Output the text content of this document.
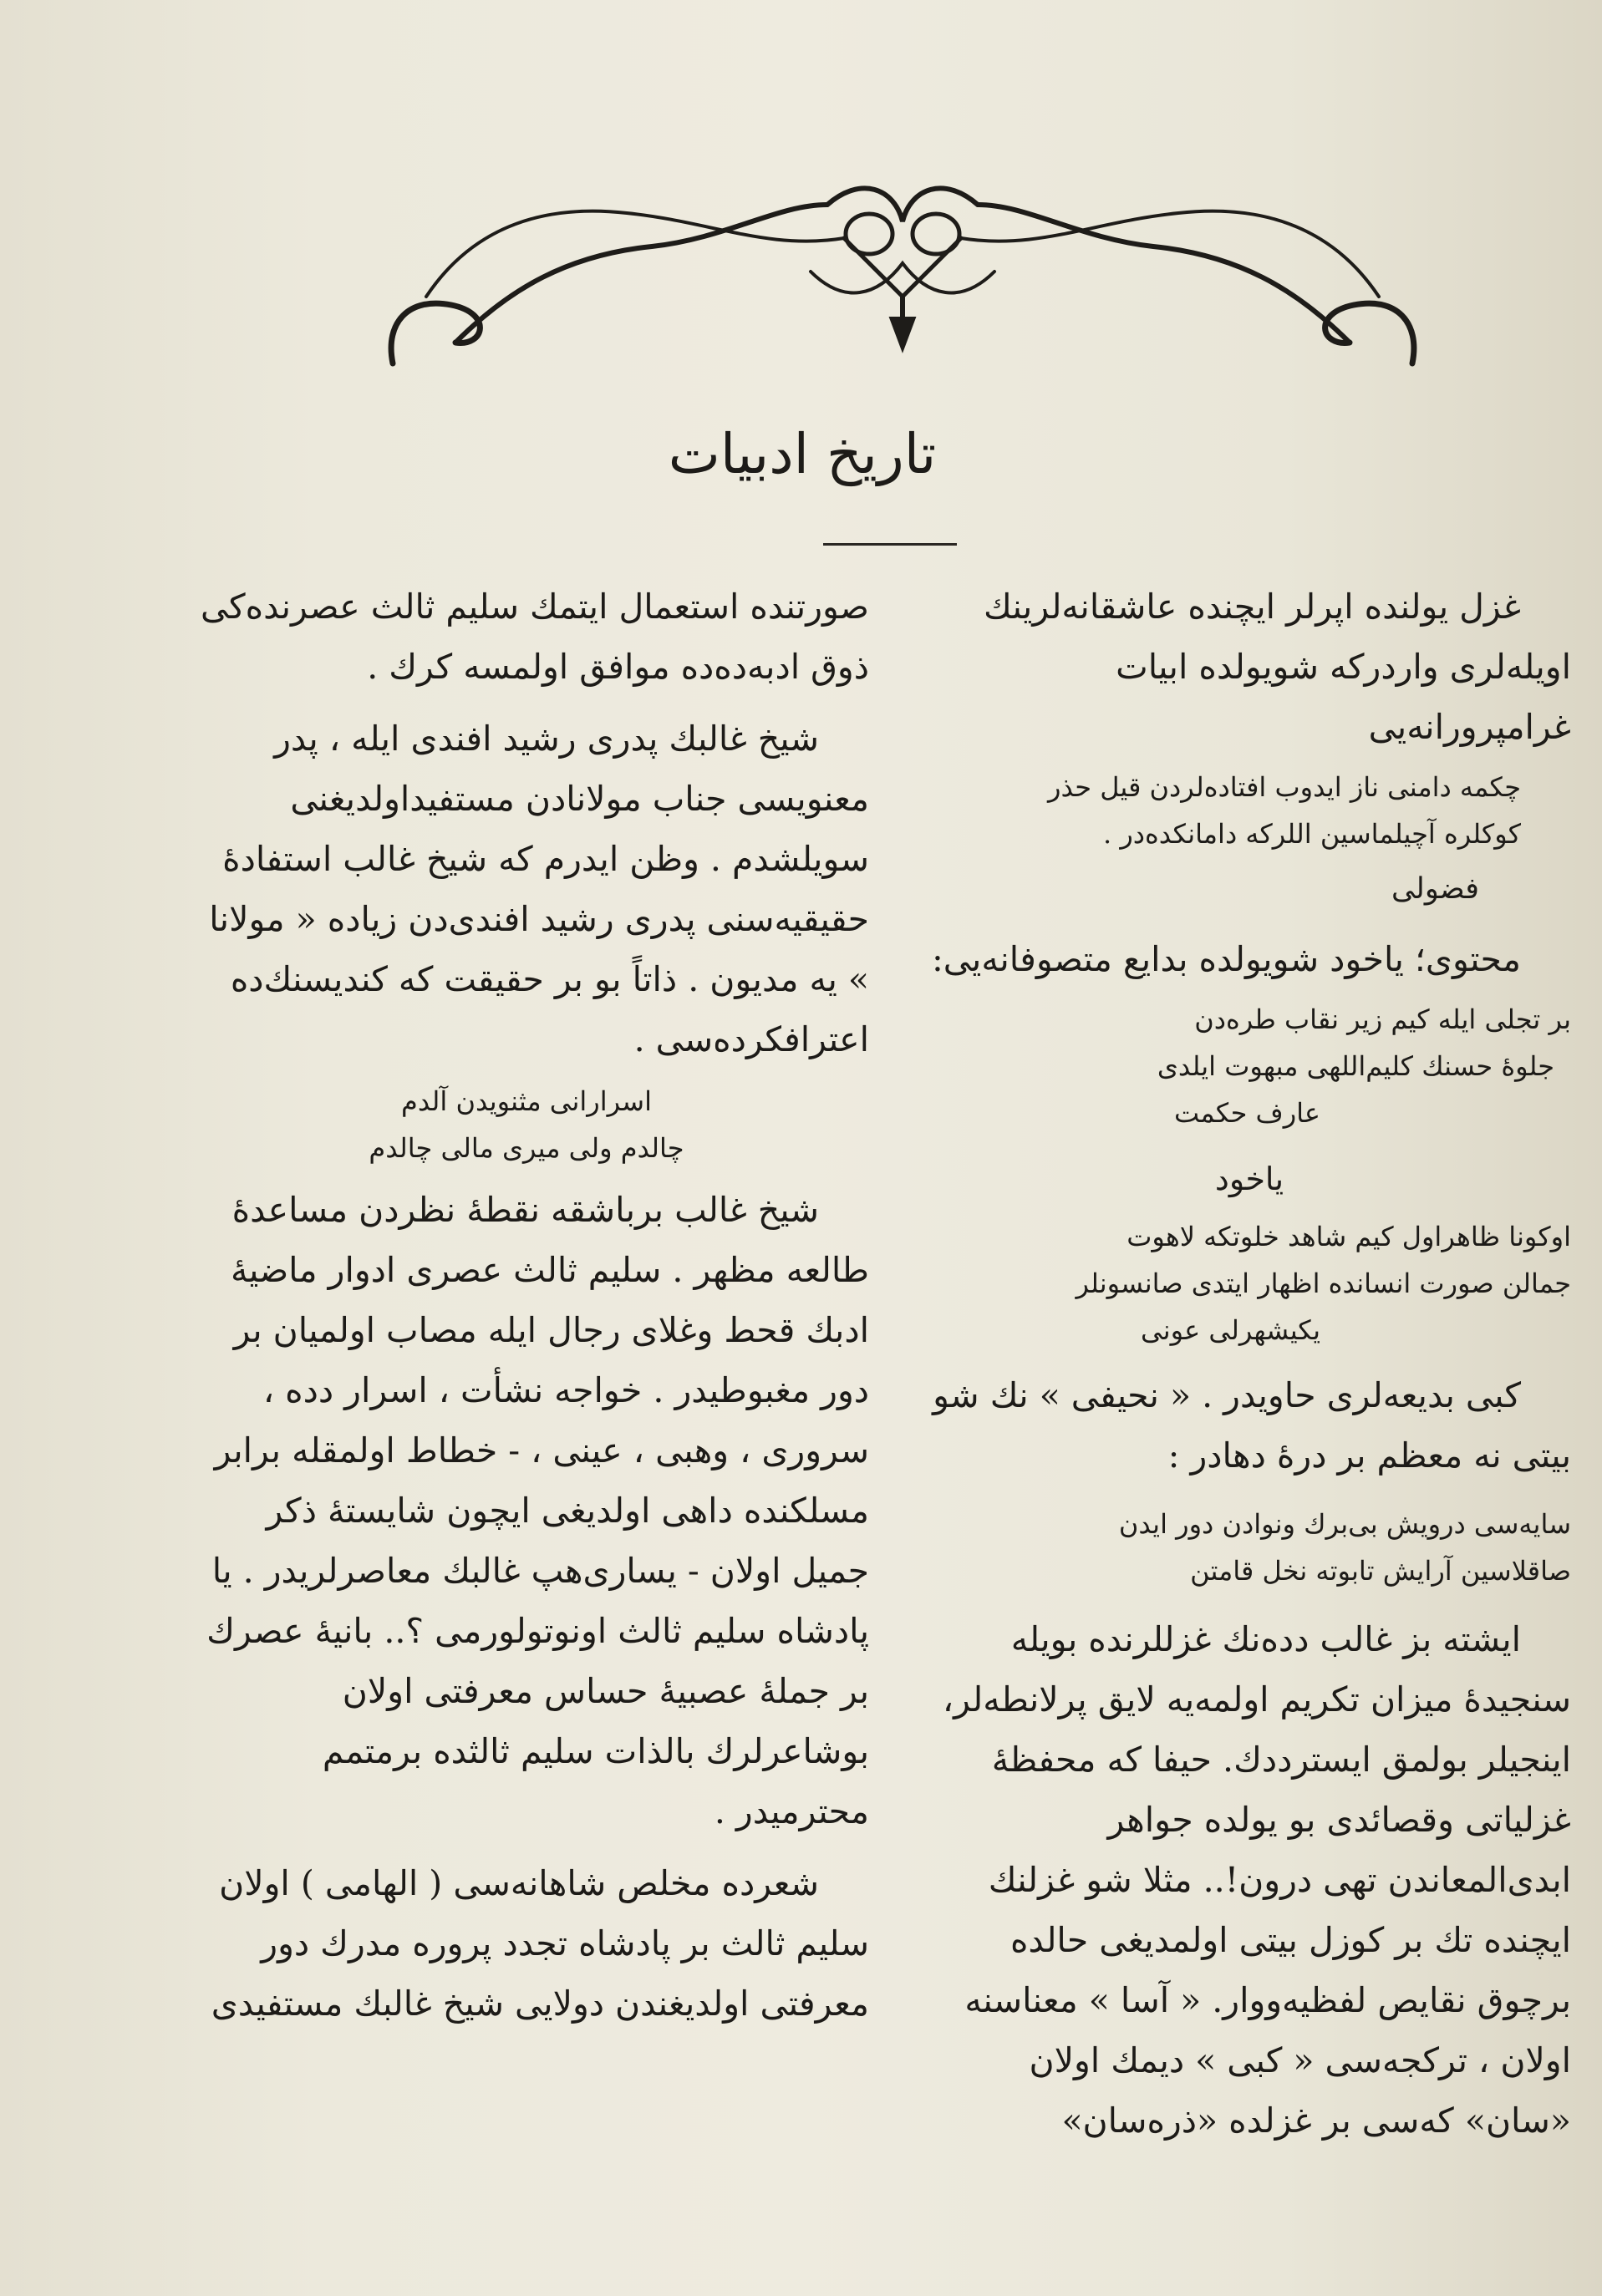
تاریخ ادبیات

غزل یولنده اپرلر ایچنده عاشقانه‌لرینك اویله‌لری واردرکه شویولده ابیات غرامپرورانه‌یی

چکمه دامنی ناز ایدوب افتاده‌لردن قیل حذر
کوکلره آچیلماسین اللرکه دامانکده‌در .
فضولی

محتوی؛ یاخود شویولده بدایع متصوفانه‌یی:

بر تجلی ایله کیم زیر نقاب طره‌دن
جلوه‌ٔ حسنك کلیم‌اللهی مبهوت ایلدی
عارف حکمت
یاخود
اوکونا ظاهراول کیم شاهد خلوتکه لاهوت
جمالن صورت انسانده اظهار ایتدی صانسونلر
یکیشهرلی عونی

کبی بدیعه‌لری حاویدر . « نحیفی » نك شو بیتی نه معظم بر درهٔ دهادر :

سایه‌سی درویش بی‌برك ونوادن دور ایدن
صاقلاسین آرایش تابوته نخل قامتن

ایشته بز غالب دده‌نك غزللرنده بویله سنجیدهٔ میزان تکریم اولمه‌یه لایق پرلانطه‌لر، اینجیلر بولمق ایسترددك. حیفا که محفظهٔ غزلیاتی وقصائدی بو یولده جواهر ابدی‌المعاندن تهی درون!.. مثلا شو غزلنك ایچنده تك بر کوزل بیتی اولمدیغی حالده برچوق نقایص لفظیه‌ووار. « آسا » معناسنه اولان ، ترکجه‌سی « کبی » دیمك اولان «سان» که‌سی بر غزلده «ذره‌سان»

صورتنده استعمال ایتمك سلیم ثالث عصرنده‌کی ذوق ادبه‌ده‌ده موافق اولمسه کرك .

شیخ غالبك پدری رشید افندی ایله ، پدر معنویسی جناب مولانادن مستفیداولدیغنی سویلشدم . وظن ایدرم که شیخ غالب استفادهٔ حقیقیه‌سنی پدری رشید افندی‌دن زیاده « مولانا » یه مدیون . ذاتاً بو بر حقیقت که کندیسنك‌ده اعترافکرده‌سی .

اسرارانی مثنویدن آلدم
چالدم ولی میری مالی چالدم

شیخ غالب برباشقه نقطهٔ نظردن مساعدهٔ طالعه مظهر . سلیم ثالث عصری ادوار ماضیهٔ ادبك قحط وغلای رجال ایله مصاب اولمیان بر دور مغبوطیدر . خواجه نشأت ، اسرار دده ، سروری ، وهبی ، عینی ، - خطاط اولمقله برابر مسلکنده داهی اولدیغی ایچون شایستهٔ ذکر جمیل اولان - یساری‌هپ غالبك معاصرلریدر . یا پادشاه سلیم ثالث اونوتولورمی ؟.. بانیهٔ عصرك بر جملهٔ عصبیهٔ حساس معرفتی اولان بوشاعرلرك بالذات سلیم ثالثده برمتمم محترمیدر .

شعرده مخلص شاهانه‌سی ( الهامی ) اولان سلیم ثالث بر پادشاه تجدد پروره مدرك دور معرفتی اولدیغندن دولایی شیخ غالبك مستفیدی
